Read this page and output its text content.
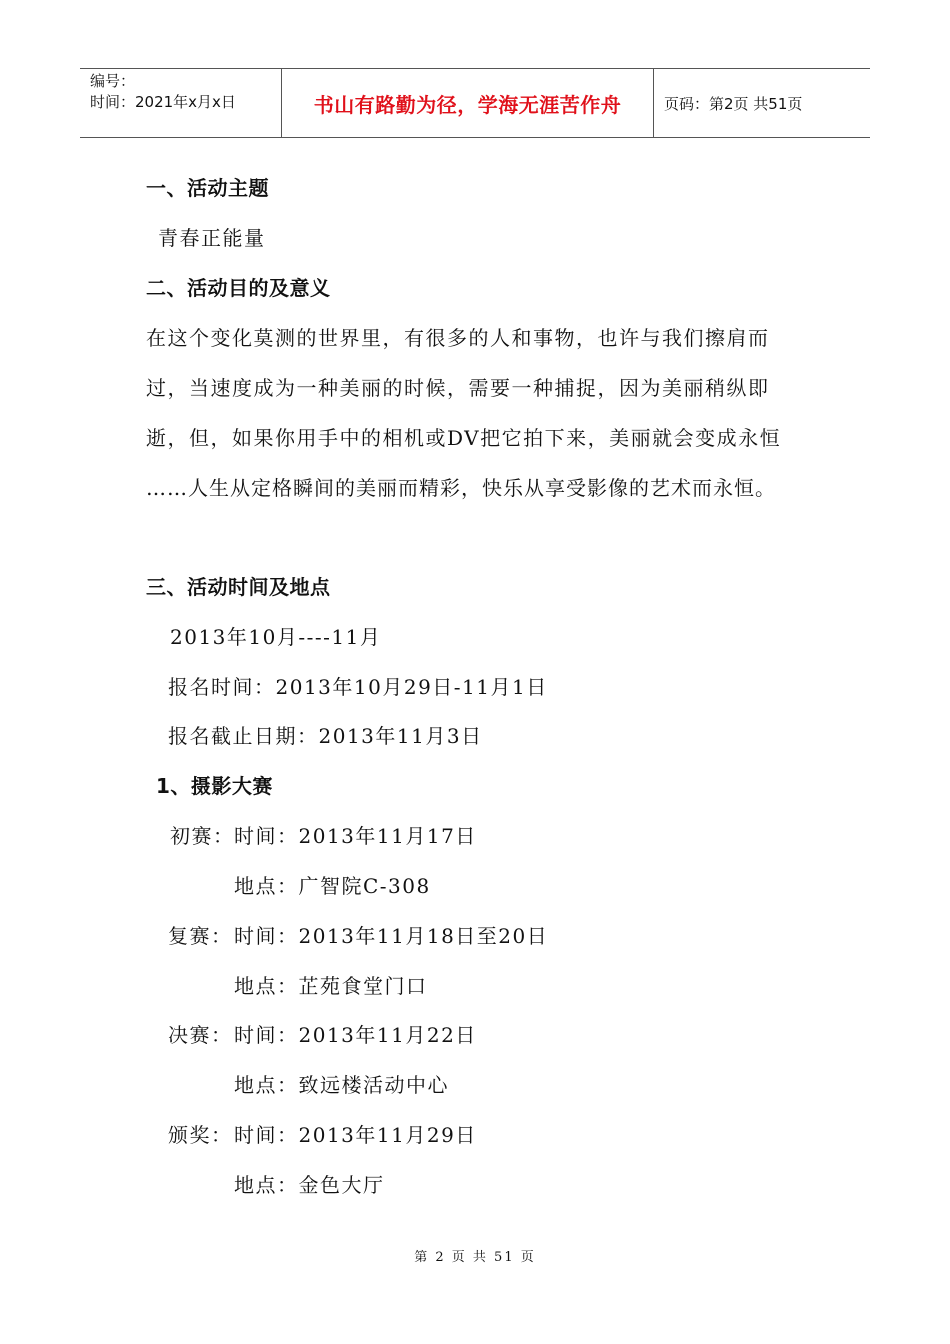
编号：
时间：2021年x月x日	书山有路勤为径，学海无涯苦作舟	页码：第2页 共51页
一、活动主题
青春正能量
二、活动目的及意义
在这个变化莫测的世界里，有很多的人和事物，也许与我们擦肩而
过，当速度成为一种美丽的时候，需要一种捕捉，因为美丽稍纵即
逝，但，如果你用手中的相机或DV把它拍下来，美丽就会变成永恒
……人生从定格瞬间的美丽而精彩，快乐从享受影像的艺术而永恒。
三、活动时间及地点
2013年10月----11月
报名时间：2013年10月29日-11月1日
报名截止日期：2013年11月3日
1、摄影大赛
初赛： 时间：2013年11月17日
地点：广智院C-308
复赛： 时间：2013年11月18日至20日
地点：芷苑食堂门口
决赛： 时间：2013年11月22日
地点：致远楼活动中心
颁奖： 时间：2013年11月29日
地点：金色大厅
第 2 页 共 51 页
